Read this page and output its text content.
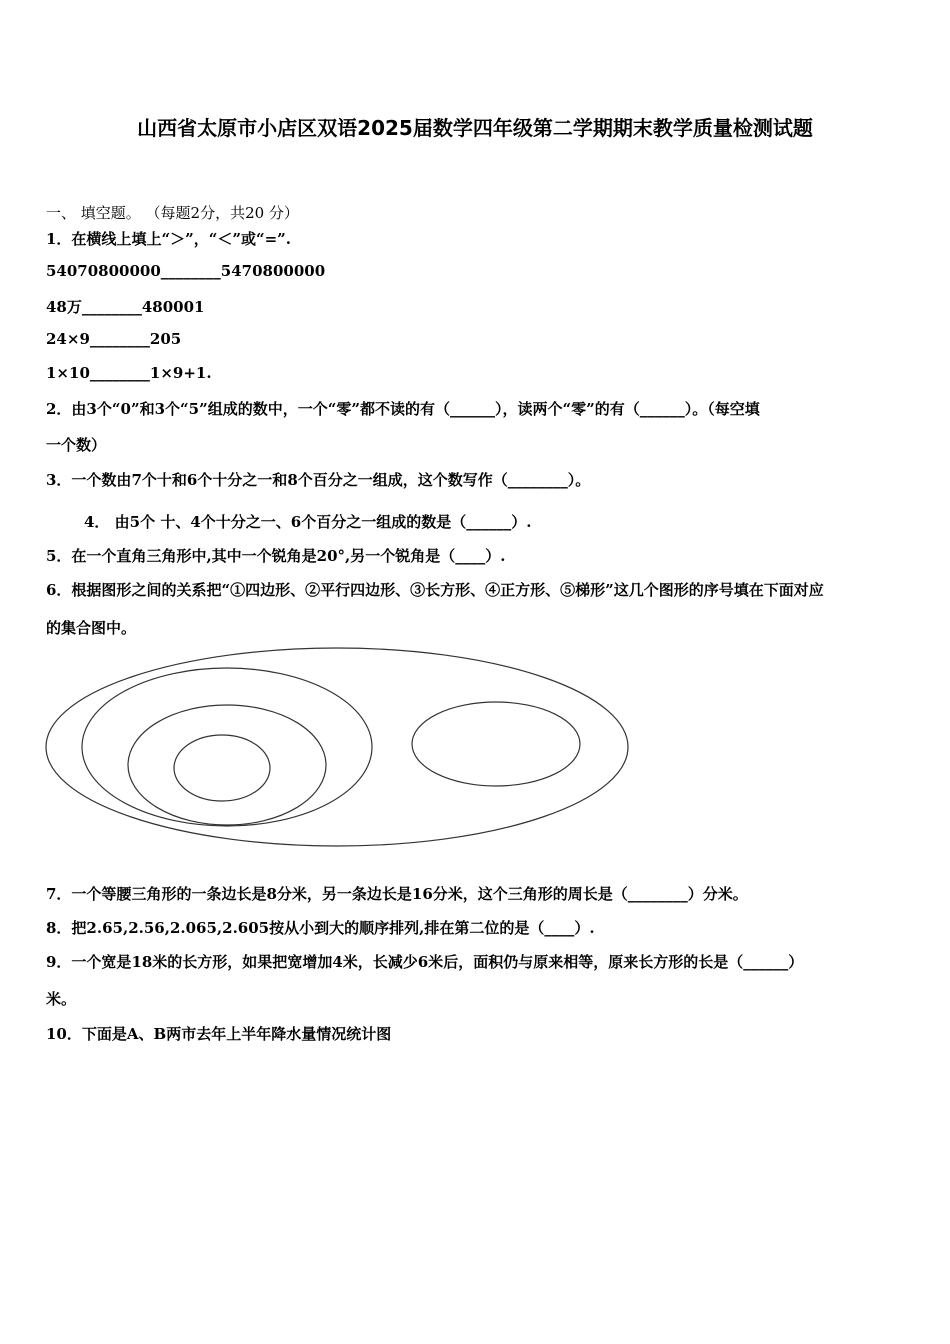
山西省太原市小店区双语2025届数学四年级第二学期期末教学质量检测试题
一、 填空题。 （每题2分，共20 分）
1．在横线上填上“＞”，“＜”或“=”.
54070800000________5470800000
48万________480001
24×9________205
1×10________1×9+1.
2．由3个“0”和3个“5”组成的数中，一个“零”都不读的有（______），读两个“零”的有（______）。（每空填
一个数）
3．一个数由7个十和6个十分之一和8个百分之一组成，这个数写作（________）。
4． 由5个 十、4个十分之一、6个百分之一组成的数是（______）.
5．在一个直角三角形中,其中一个锐角是20°,另一个锐角是（____）.
6．根据图形之间的关系把“①四边形、②平行四边形、③长方形、④正方形、⑤梯形”这几个图形的序号填在下面对应
的集合图中。
7．一个等腰三角形的一条边长是8分米，另一条边长是16分米，这个三角形的周长是（________）分米。
8．把2.65,2.56,2.065,2.605按从小到大的顺序排列,排在第二位的是（____）.
9．一个宽是18米的长方形，如果把宽增加4米，长减少6米后，面积仍与原来相等，原来长方形的长是（______）
米。
10．下面是A、B两市去年上半年降水量情况统计图
